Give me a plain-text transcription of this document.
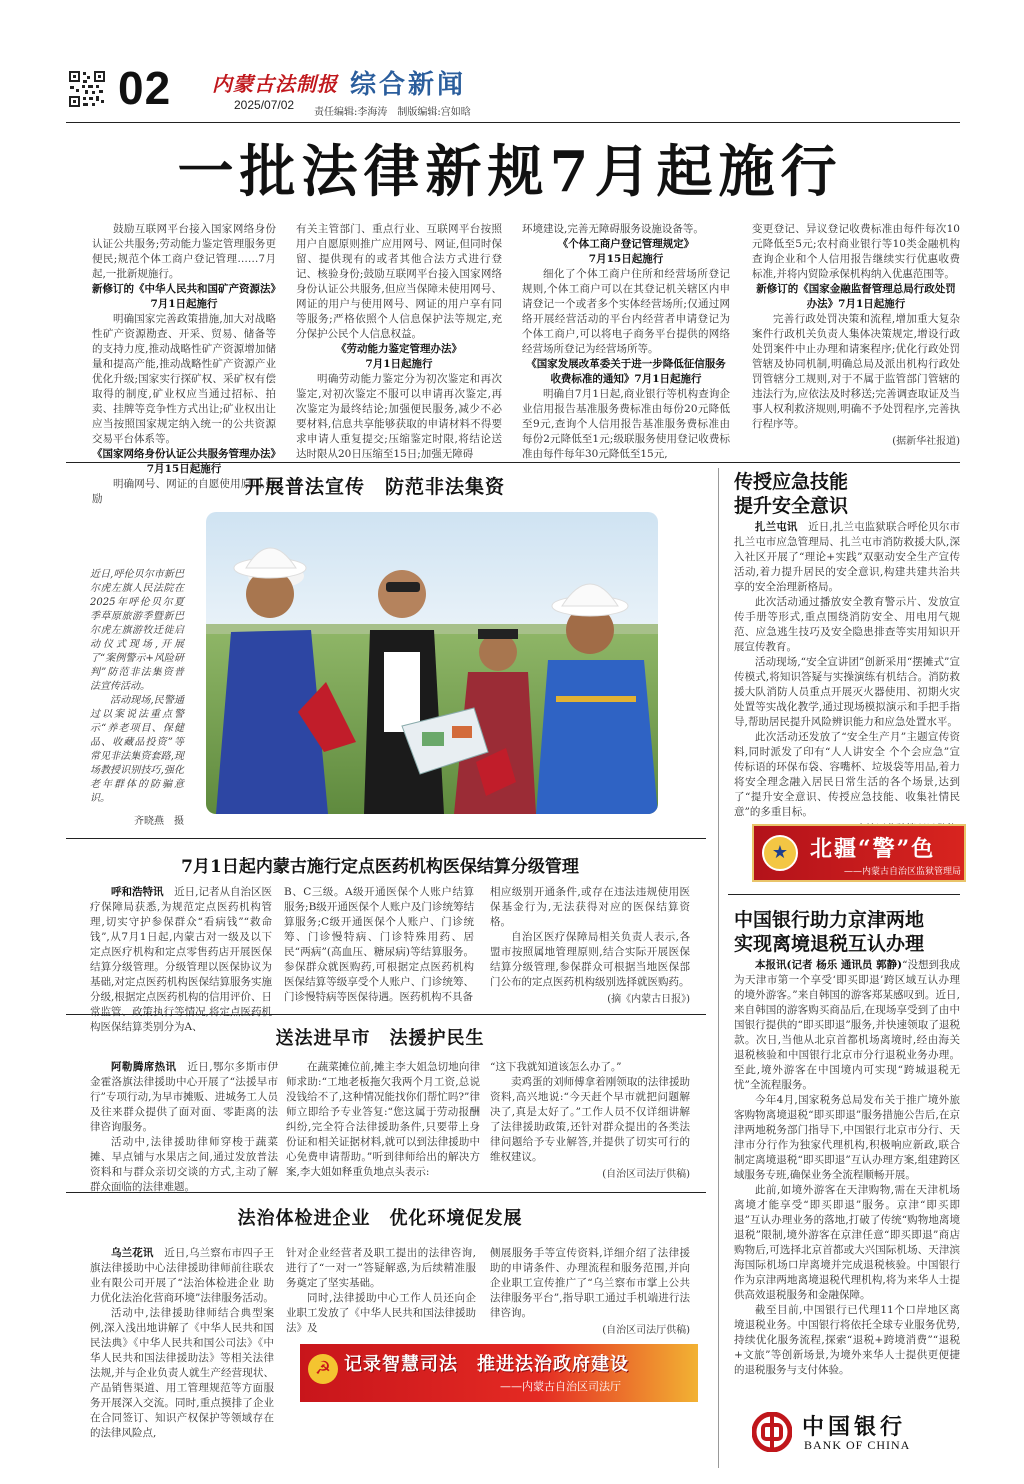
02 内蒙古法制报
2025/07/02
综合新闻
责任编辑:李海涛　制版编辑:宫如晗
一批法律新规7月起施行

鼓励互联网平台接入国家网络身份认证公共服务;劳动能力鉴定管理服务更便民;规范个体工商户登记管理……7月起,一批新规施行。

新修订的《中华人民共和国矿产资源法》
7月1日起施行

明确国家完善政策措施,加大对战略性矿产资源勘查、开采、贸易、储备等的支持力度,推动战略性矿产资源增加储量和提高产能,推动战略性矿产资源产业优化升级;国家实行探矿权、采矿权有偿取得的制度,矿业权应当通过招标、拍卖、挂牌等竞争性方式出让;矿业权出让应当按照国家规定纳入统一的公共资源交易平台体系等。

《国家网络身份认证公共服务管理办法》
7月15日起施行

明确网号、网证的自愿使用原则,鼓励

有关主管部门、重点行业、互联网平台按照用户自愿原则推广应用网号、网证,但同时保留、提供现有的或者其他合法方式进行登记、核验身份;鼓励互联网平台接入国家网络身份认证公共服务,但应当保障未使用网号、网证的用户与使用网号、网证的用户享有同等服务;严格依照个人信息保护法等规定,充分保护公民个人信息权益。

《劳动能力鉴定管理办法》
7月1日起施行

明确劳动能力鉴定分为初次鉴定和再次鉴定,对初次鉴定不服可以申请再次鉴定,再次鉴定为最终结论;加强便民服务,减少不必要材料,信息共享能够获取的申请材料不得要求申请人重复提交;压缩鉴定时限,将结论送达时限从20日压缩至15日;加强无障碍

环境建设,完善无障碍服务设施设备等。

《个体工商户登记管理规定》
7月15日起施行

细化了个体工商户住所和经营场所登记规则,个体工商户可以在其登记机关辖区内申请登记一个或者多个实体经营场所;仅通过网络开展经营活动的平台内经营者申请登记为个体工商户,可以将电子商务平台提供的网络经营场所登记为经营场所等。

《国家发展改革委关于进一步降低征信服务收费标准的通知》7月1日起施行

明确自7月1日起,商业银行等机构查询企业信用报告基准服务费标准由每份20元降低至9元,查询个人信用报告基准服务费标准由每份2元降低至1元;级联服务使用登记收费标准由每件每年30元降低至15元,

变更登记、异议登记收费标准由每件每次10元降低至5元;农村商业银行等10类金融机构查询企业和个人信用报告继续实行优惠收费标准,并将内贸险承保机构纳入优惠范围等。

新修订的《国家金融监督管理总局行政处罚办法》7月1日起施行

完善行政处罚决策和流程,增加重大复杂案件行政机关负责人集体决策规定,增设行政处罚案件中止办理和请案程序;优化行政处罚管辖及协同机制,明确总局及派出机构行政处罚管辖分工规则,对于不属于监管部门管辖的违法行为,应依法及时移送;完善调查取证及当事人权利救济规则,明确不予处罚程序,完善执行程序等。

(据新华社报道)
开展普法宣传　防范非法集资
近日,呼伦贝尔市新巴尔虎左旗人民法院在2025年呼伦贝尔夏季草原旅游季暨新巴尔虎左旗游牧迁徙启动仪式现场,开展了“案例警示+风险研判”防范非法集资普法宣传活动。
活动现场,民警通过以案说法重点警示“养老项目、保健品、收藏品投资”等常见非法集资套路,现场教授识别技巧,强化老年群体的防骗意识。
齐晓燕　摄
7月1日起内蒙古施行定点医药机构医保结算分级管理

呼和浩特讯　 近日,记者从自治区医疗保障局获悉,为规范定点医药机构管理,切实守护参保群众“看病钱”“救命钱”,从7月1日起,内蒙古对一级及以下定点医疗机构和定点零售药店开展医保结算分级管理。分级管理以医保协议为基础,对定点医药机构医保结算服务实施分级,根据定点医药机构的信用评价、日常监管、政策执行等情况,将定点医药机构医保结算类别分为A、

B、C三级。A级开通医保个人账户结算服务;B级开通医保个人账户及门诊统筹结算服务;C级开通医保个人账户、门诊统筹、门诊慢特病、门诊特殊用药、居民“两病”(高血压、糖尿病)等结算服务。参保群众就医购药,可根据定点医药机构医保结算等级享受个人账户、门诊统筹、门诊慢特病等医保待遇。医药机构不具备

相应级别开通条件,或存在违法违规使用医保基金行为,无法获得对应的医保结算资格。

自治区医疗保障局相关负责人表示,各盟市按照属地管理原则,结合实际开展医保结算分级管理,参保群众可根据当地医保部门公布的定点医药机构级别选择就医购药。

(摘《内蒙古日报》)
送法进早市　法援护民生

阿勒腾席热讯　 近日,鄂尔多斯市伊金霍洛旗法律援助中心开展了“法援早市行”专项行动,为早市摊贩、进城务工人员及往来群众提供了面对面、零距离的法律咨询服务。

活动中,法律援助律师穿梭于蔬菜摊、早点铺与水果店之间,通过发放普法资料和与群众亲切交谈的方式,主动了解群众面临的法律难题。

在蔬菜摊位前,摊主李大姐急切地向律师求助:“工地老板拖欠我两个月工资,总说没钱给不了,这种情况能找你们帮忙吗?”律师立即给予专业答复:“您这属于劳动报酬纠纷,完全符合法律援助条件,只要带上身份证和相关证据材料,就可以到法律援助中心免费申请帮助。”听到律师给出的解决方案,李大姐如释重负地点头表示:

“这下我就知道该怎么办了。”

卖鸡蛋的刘师傅拿着刚领取的法律援助资料,高兴地说:“今天赶个早市就把问题解决了,真是太好了。”工作人员不仅详细讲解了法律援助政策,还针对群众提出的各类法律问题给予专业解答,并提供了切实可行的维权建议。

(自治区司法厅供稿)
法治体检进企业　优化环境促发展

乌兰花讯　 近日,乌兰察布市四子王旗法律援助中心法律援助律师前往联农业有限公司开展了“法治体检进企业 助力优化法治化营商环境”法律服务活动。

活动中,法律援助律师结合典型案例,深入浅出地讲解了《中华人民共和国民法典》《中华人民共和国公司法》《中华人民共和国法律援助法》等相关法律法规,并与企业负责人就生产经营现状、产品销售渠道、用工管理规范等方面服务开展深入交流。同时,重点摸排了企业在合同签订、知识产权保护等领域存在的法律风险点,

针对企业经营者及职工提出的法律咨询,进行了“一对一”答疑解惑,为后续精准服务奠定了坚实基础。

同时,法律援助中心工作人员还向企业职工发放了《中华人民共和国法律援助法》及

侧展服务手等宣传资料,详细介绍了法律援助的申请条件、办理流程和服务范围,并向企业职工宣传推广了“乌兰察布市掌上公共法律服务平台”,指导职工通过手机端进行法律咨询。

(自治区司法厅供稿)
☭ 记录智慧司法　推进法治政府建设
——内蒙古自治区司法厅
传授应急技能
提升安全意识

扎兰屯讯　 近日,扎兰屯监狱联合呼伦贝尔市扎兰屯市应急管理局、扎兰屯市消防救援大队,深入社区开展了“理论+实践”双驱动安全生产宣传活动,着力提升居民的安全意识,构建共建共治共享的安全治理新格局。

此次活动通过播放安全教育警示片、发放宣传手册等形式,重点围绕消防安全、用电用气规范、应急逃生技巧及安全隐患排查等实用知识开展宣传教育。

活动现场,“安全宣讲团”创新采用“摆摊式”宣传模式,将知识答疑与实操演练有机结合。消防救援大队消防人员重点开展灭火器使用、初期火灾处置等实战化教学,通过现场模拟演示和手把手指导,帮助居民提升风险辨识能力和应急处置水平。

此次活动还发放了“安全生产月”主题宣传资料,同时派发了印有“人人讲安全 个个会应急”宣传标语的环保布袋、容嘴杯、垃圾袋等用品,着力将安全理念融入居民日常生活的各个场景,达到了“提升安全意识、传授应急技能、收集社情民意”的多重目标。

★ 北疆“警”色
——内蒙古自治区监狱管理局
中国银行助力京津两地
实现离境退税互认办理

本报讯(记者 杨乐 通讯员 郭静)“没想到我成为天津市第一个享受‘即买即退’跨区域互认办理的境外游客。”来自韩国的游客郑某感叹到。近日,来自韩国的游客购买商品后,在现场享受到了由中国银行提供的“即买即退”服务,并快速领取了退税款。次日,当他从北京首都机场离境时,经由海关退税核验和中国银行北京市分行退税业务办理。至此,境外游客在中国境内可实现“跨城退税无忧”全流程服务。

今年4月,国家税务总局发布关于推广境外旅客购物离境退税“即买即退”服务措施公告后,在京津两地税务部门指导下,中国银行北京市分行、天津市分行作为独家代理机构,积极响应新政,联合制定离境退税“即买即退”互认办理方案,组建跨区域服务专班,确保业务全流程顺畅开展。

此前,如境外游客在天津购物,需在天津机场离境才能享受“即买即退”服务。京津“即买即退”互认办理业务的落地,打破了传统“购物地离境退税”限制,境外游客在京津任意“即买即退”商店购物后,可选择北京首都或大兴国际机场、天津滨海国际机场口岸离境并完成退税核验。中国银行作为京津两地离境退税代理机构,将为来华人士提供高效退税服务和金融保障。

截至目前,中国银行已代理11个口岸地区离境退税业务。中国银行将依托全球专业服务优势,持续优化服务流程,探索“退税+跨境消费”“退税+文旅”等创新场景,为境外来华人士提供更便捷的退税服务与支付体验。

中国银行
BANK OF CHINA
